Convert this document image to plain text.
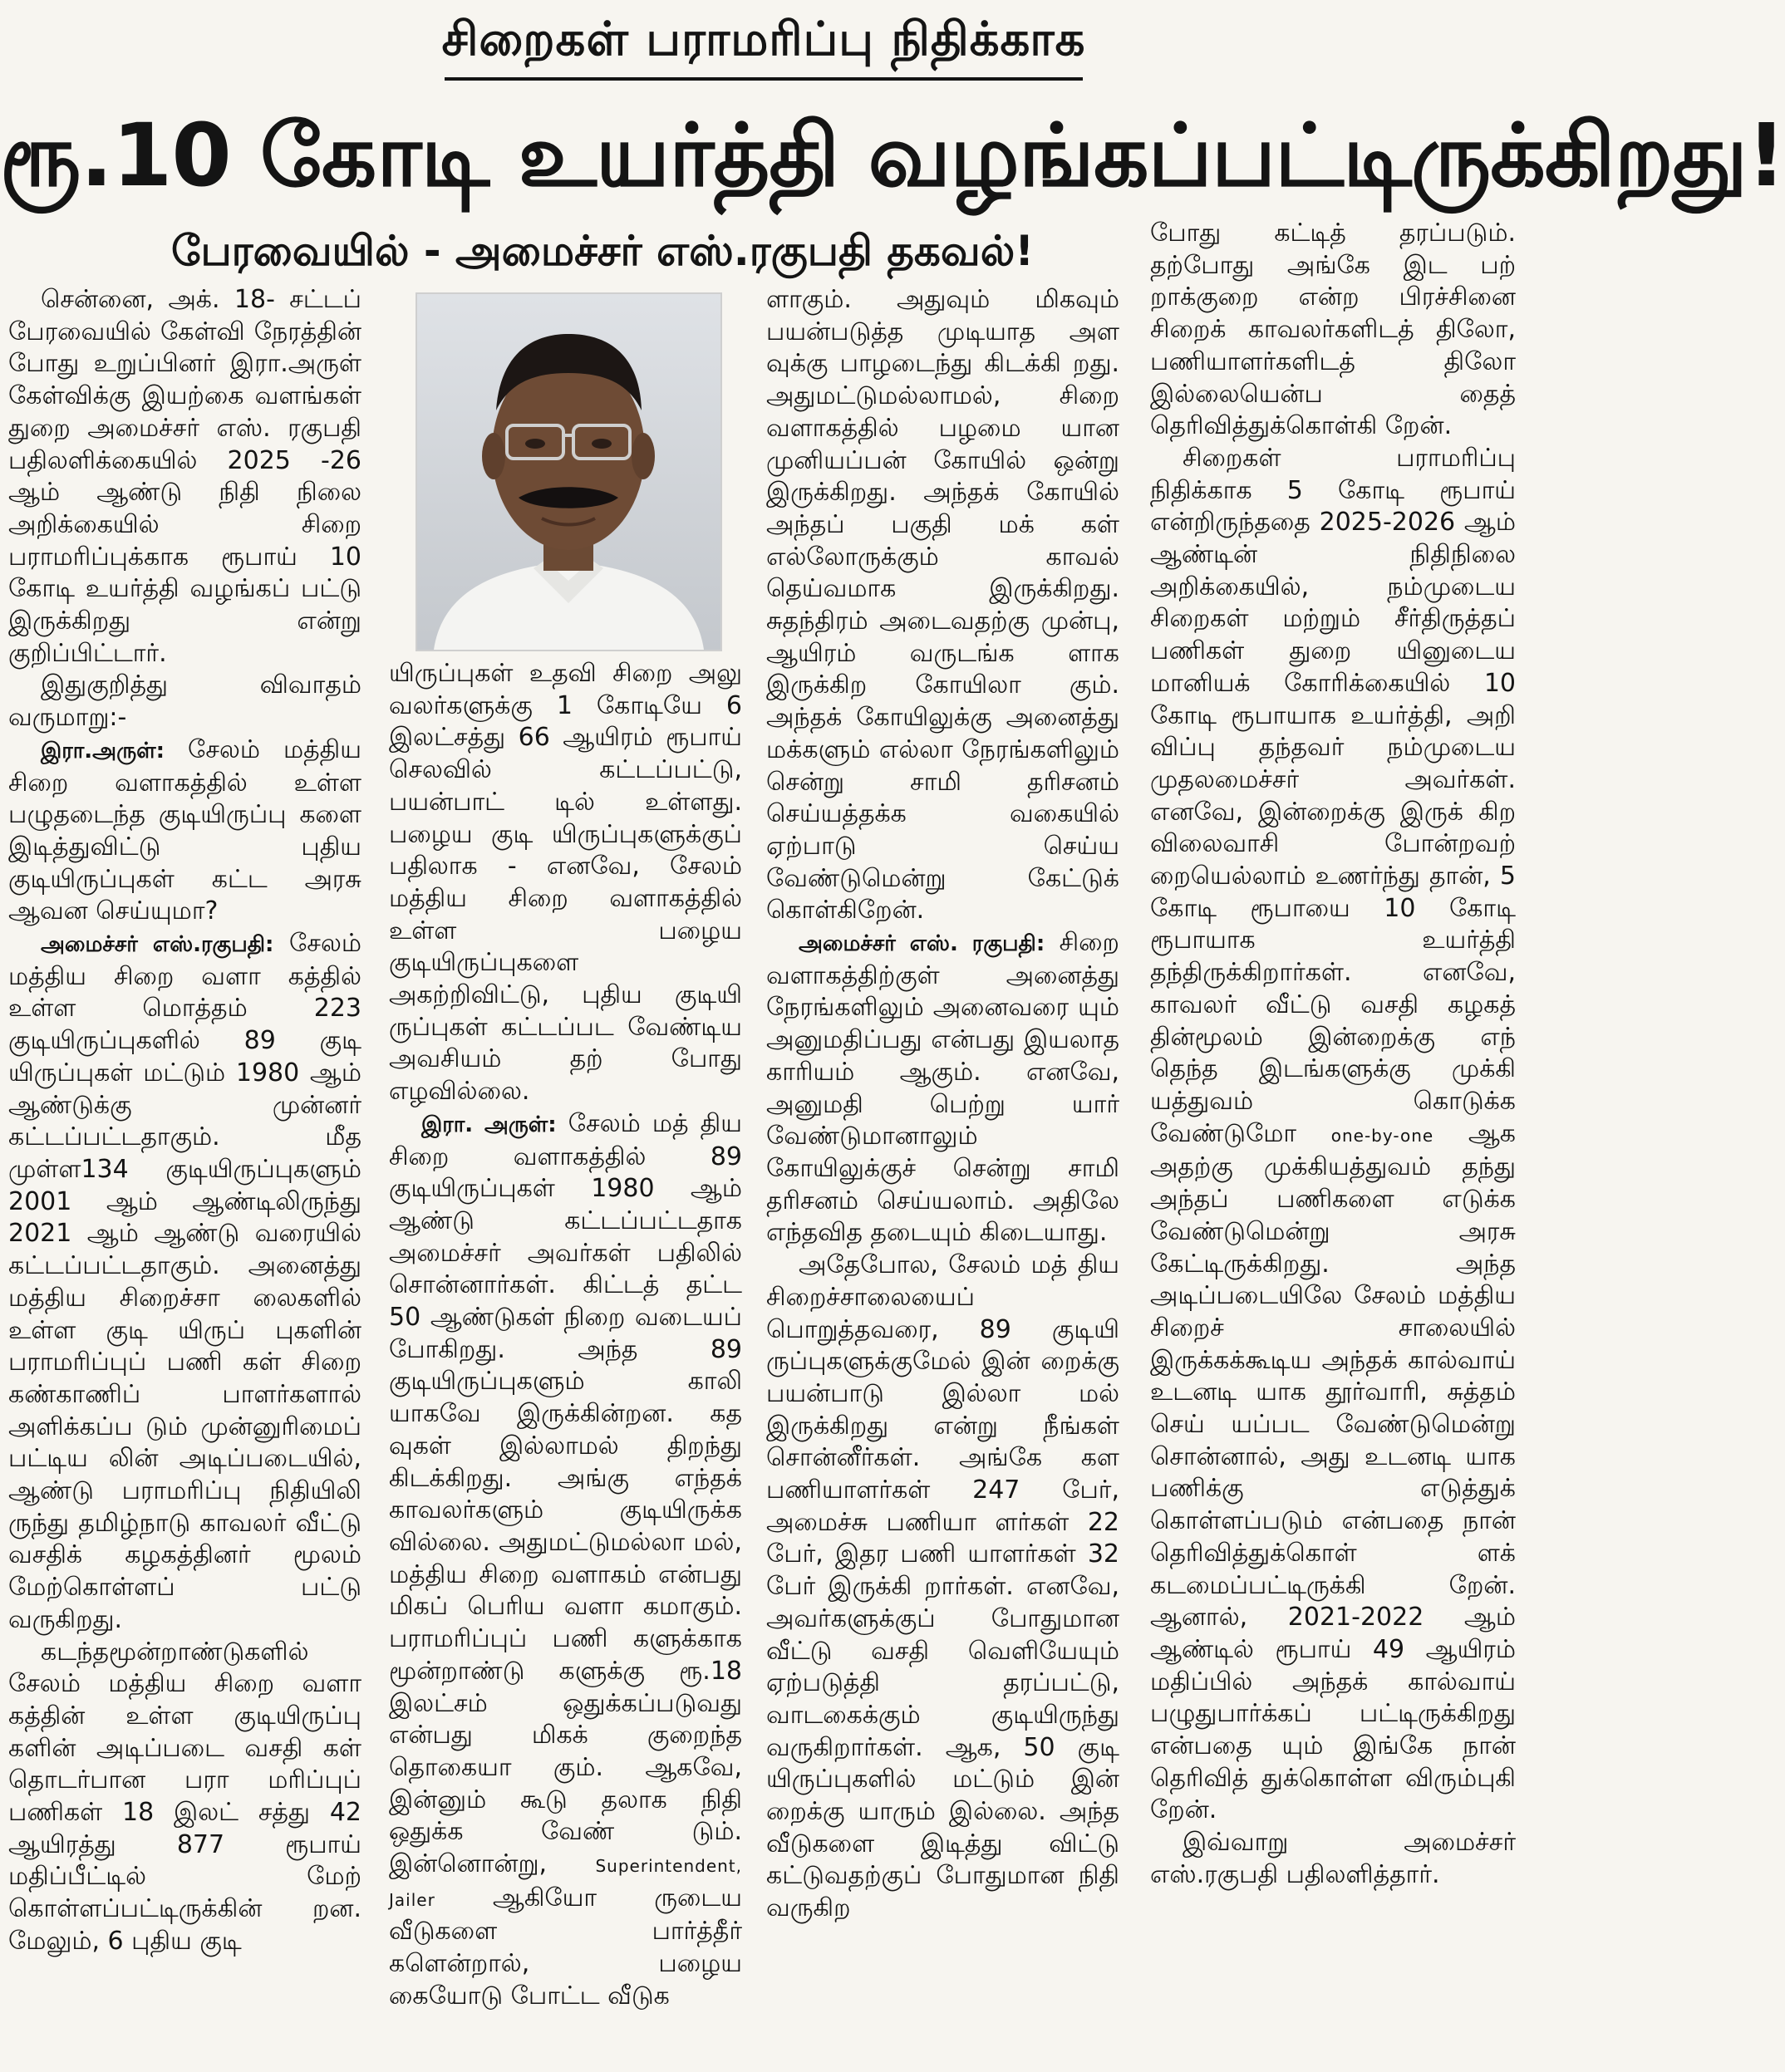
சிறைகள் பராமரிப்பு நிதிக்காக
ரூ.10 கோடி உயர்த்தி வழங்கப்பட்டிருக்கிறது!
பேரவையில் - அமைச்சர் எஸ்.ரகுபதி தகவல்!

சென்னை, அக். 18- சட்டப் பேரவையில் கேள்வி நேரத்தின் போது உறுப்பினர் இரா.அருள் கேள்விக்கு இயற்கை வளங்கள் துறை அமைச்சர் எஸ். ரகுபதி பதிலளிக்கையில் 2025 -26 ஆம் ஆண்டு நிதி நிலை அறிக்கையில் சிறை பராமரிப்புக்காக ரூபாய் 10 கோடி உயர்த்தி வழங்கப் பட்டு இருக்கிறது என்று குறிப்பிட்டார்.

இதுகுறித்து விவாதம் வருமாறு:-

இரா.அருள்: சேலம் மத்திய சிறை வளாகத்தில் உள்ள பழுதடைந்த குடியிருப்பு களை இடித்துவிட்டு புதிய குடியிருப்புகள் கட்ட அரசு ஆவன செய்யுமா?

அமைச்சர் எஸ்.ரகுபதி: சேலம் மத்திய சிறை வளா கத்தில் உள்ள மொத்தம் 223 குடியிருப்புகளில் 89 குடி யிருப்புகள் மட்டும் 1980 ஆம் ஆண்டுக்கு முன்னர் கட்டப்பட்டதாகும். மீத முள்ள134 குடியிருப்புகளும் 2001 ஆம் ஆண்டிலிருந்து 2021 ஆம் ஆண்டு வரையில் கட்டப்பட்டதாகும். அனைத்து மத்திய சிறைச்சா லைகளில் உள்ள குடி யிருப் புகளின் பராமரிப்புப் பணி கள் சிறை கண்காணிப் பாளர்களால் அளிக்கப்ப டும் முன்னுரிமைப் பட்டிய லின் அடிப்படையில், ஆண்டு பராமரிப்பு நிதியிலி ருந்து தமிழ்நாடு காவலர் வீட்டு வசதிக் கழகத்தினர் மூலம் மேற்கொள்ளப் பட்டு வருகிறது.

கடந்தமூன்றாண்டுகளில் சேலம் மத்திய சிறை வளா கத்தின் உள்ள குடியிருப்பு களின் அடிப்படை வசதி கள் தொடர்பான பரா மரிப்புப் பணிகள் 18 இலட் சத்து 42 ஆயிரத்து 877 ரூபாய் மதிப்பீட்டில் மேற் கொள்ளப்பட்டிருக்கின் றன. மேலும், 6 புதிய குடி

யிருப்புகள் உதவி சிறை அலு வலர்களுக்கு 1 கோடியே 6 இலட்சத்து 66 ஆயிரம் ரூபாய் செலவில் கட்டப்பட்டு, பயன்பாட் டில் உள்ளது. பழைய குடி யிருப்புகளுக்குப் பதிலாக - எனவே, சேலம் மத்திய சிறை வளாகத்தில் உள்ள பழைய குடியிருப்புகளை அகற்றிவிட்டு, புதிய குடியி ருப்புகள் கட்டப்பட வேண்டிய அவசியம் தற் போது எழவில்லை.

இரா. அருள்: சேலம் மத் திய சிறை வளாகத்தில் 89 குடியிருப்புகள் 1980 ஆம் ஆண்டு கட்டப்பட்டதாக அமைச்சர் அவர்கள் பதிலில் சொன்னார்கள். கிட்டத் தட்ட 50 ஆண்டுகள் நிறை வடையப் போகிறது. அந்த 89 குடியிருப்புகளும் காலி யாகவே இருக்கின்றன. கத வுகள் இல்லாமல் திறந்து கிடக்கிறது. அங்கு எந்தக் காவலர்களும் குடியிருக்க வில்லை. அதுமட்டுமல்லா மல், மத்திய சிறை வளாகம் என்பது மிகப் பெரிய வளா கமாகும். பராமரிப்புப் பணி களுக்காக மூன்றாண்டு களுக்கு ரூ.18 இலட்சம் ஒதுக்கப்படுவது என்பது மிகக் குறைந்த தொகையா கும். ஆகவே, இன்னும் கூடு தலாக நிதி ஒதுக்க வேண் டும். இன்னொன்று,	Superintendent, Jailer ஆகியோ ருடைய வீடுகளை பார்த்தீர் களென்றால், பழைய கையோடு போட்ட வீடுக

ளாகும். அதுவும் மிகவும் பயன்படுத்த முடியாத அள வுக்கு பாழடைந்து கிடக்கி றது. அதுமட்டுமல்லாமல், சிறை வளாகத்தில் பழமை யான முனியப்பன் கோயில் ஒன்று இருக்கிறது. அந்தக் கோயில் அந்தப் பகுதி மக் கள் எல்லோருக்கும் காவல் தெய்வமாக இருக்கிறது. சுதந்திரம் அடைவதற்கு முன்பு, ஆயிரம் வருடங்க ளாக இருக்கிற கோயிலா கும். அந்தக் கோயிலுக்கு அனைத்து மக்களும் எல்லா நேரங்களிலும் சென்று சாமி தரிசனம் செய்யத்தக்க வகையில் ஏற்பாடு செய்ய வேண்டுமென்று கேட்டுக் கொள்கிறேன்.

அமைச்சர் எஸ். ரகுபதி: சிறை வளாகத்திற்குள் அனைத்து நேரங்களிலும் அனைவரை யும் அனுமதிப்பது என்பது இயலாத காரியம் ஆகும். எனவே, அனுமதி பெற்று யார் வேண்டுமானாலும் கோயிலுக்குச் சென்று சாமி தரிசனம் செய்யலாம். அதிலே எந்தவித தடையும் கிடையாது.

அதேபோல, சேலம் மத் திய சிறைச்சாலையைப் பொறுத்தவரை, 89 குடியி ருப்புகளுக்குமேல் இன் றைக்கு பயன்பாடு இல்லா மல் இருக்கிறது என்று நீங்கள் சொன்னீர்கள். அங்கே கள பணியாளர்கள் 247 பேர், அமைச்சு பணியா ளர்கள் 22 பேர், இதர பணி யாளர்கள் 32 பேர் இருக்கி றார்கள். எனவே, அவர்களுக்குப் போதுமான வீட்டு வசதி வெளியேயும் ஏற்படுத்தி தரப்பட்டு, வாடகைக்கும் குடியிருந்து வருகிறார்கள். ஆக, 50 குடி யிருப்புகளில் மட்டும் இன் றைக்கு யாரும் இல்லை. அந்த வீடுகளை இடித்து விட்டு கட்டுவதற்குப் போதுமான நிதி வருகிற

போது கட்டித் தரப்படும். தற்போது அங்கே இட பற் றாக்குறை என்ற பிரச்சினை சிறைக் காவலர்களிடத் திலோ, பணியாளர்களிடத் திலோ இல்லையென்ப தைத் தெரிவித்துக்கொள்கி றேன்.

சிறைகள் பராமரிப்பு நிதிக்காக 5 கோடி ரூபாய் என்றிருந்ததை 2025-2026 ஆம் ஆண்டின் நிதிநிலை அறிக்கையில், நம்முடைய சிறைகள் மற்றும் சீர்திருத்தப் பணிகள் துறை யினுடைய மானியக் கோரிக்கையில் 10 கோடி ரூபாயாக உயர்த்தி, அறி விப்பு தந்தவர் நம்முடைய முதலமைச்சர் அவர்கள். எனவே, இன்றைக்கு இருக் கிற விலைவாசி போன்றவற் றையெல்லாம் உணர்ந்து தான், 5 கோடி ரூபாயை 10 கோடி ரூபாயாக உயர்த்தி தந்திருக்கிறார்கள். எனவே, காவலர் வீட்டு வசதி கழகத் தின்மூலம் இன்றைக்கு எந் தெந்த இடங்களுக்கு முக்கி யத்துவம் கொடுக்க வேண்டுமோ one-by-one ஆக அதற்கு முக்கியத்துவம் தந்து அந்தப் பணிகளை எடுக்க வேண்டுமென்று அரசு கேட்டிருக்கிறது. அந்த அடிப்படையிலே சேலம் மத்திய சிறைச் சாலையில் இருக்கக்கூடிய அந்தக் கால்வாய் உடனடி யாக தூர்வாரி, சுத்தம் செய் யப்பட வேண்டுமென்று சொன்னால், அது உடனடி யாக பணிக்கு எடுத்துக் கொள்ளப்படும் என்பதை நான் தெரிவித்துக்கொள் ளக் கடமைப்பட்டிருக்கி றேன். ஆனால், 2021-2022 ஆம் ஆண்டில் ரூபாய் 49 ஆயிரம் மதிப்பில் அந்தக் கால்வாய் பழுதுபார்க்கப் பட்டிருக்கிறது என்பதை யும் இங்கே நான் தெரிவித் துக்கொள்ள விரும்புகி றேன்.

இவ்வாறு அமைச்சர் எஸ்.ரகுபதி பதிலளித்தார்.
